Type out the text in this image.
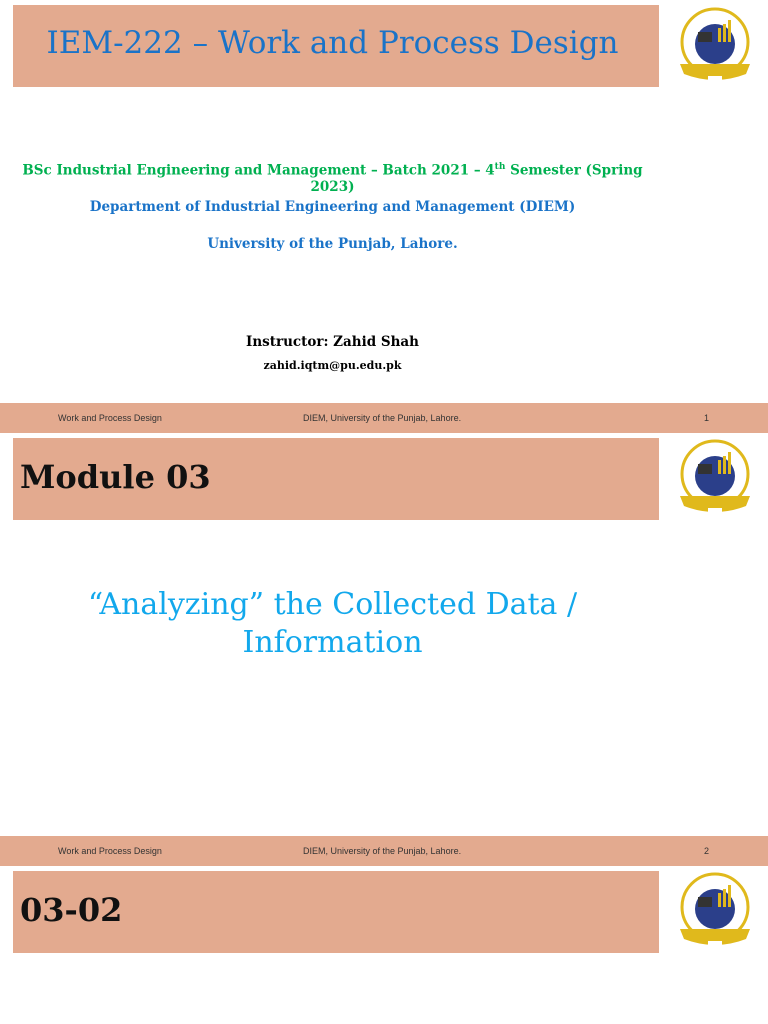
IEM-222 – Work and Process Design
BSc Industrial Engineering and Management – Batch 2021 – 4th Semester (Spring 2023)
Department of Industrial Engineering and Management (DIEM)
University of the Punjab, Lahore.
Instructor: Zahid Shah
zahid.iqtm@pu.edu.pk
Work and Process Design	DIEM, University of the Punjab, Lahore.	1
Module 03
“Analyzing” the Collected Data /
Information
Work and Process Design	DIEM, University of the Punjab, Lahore.	2
03-02
